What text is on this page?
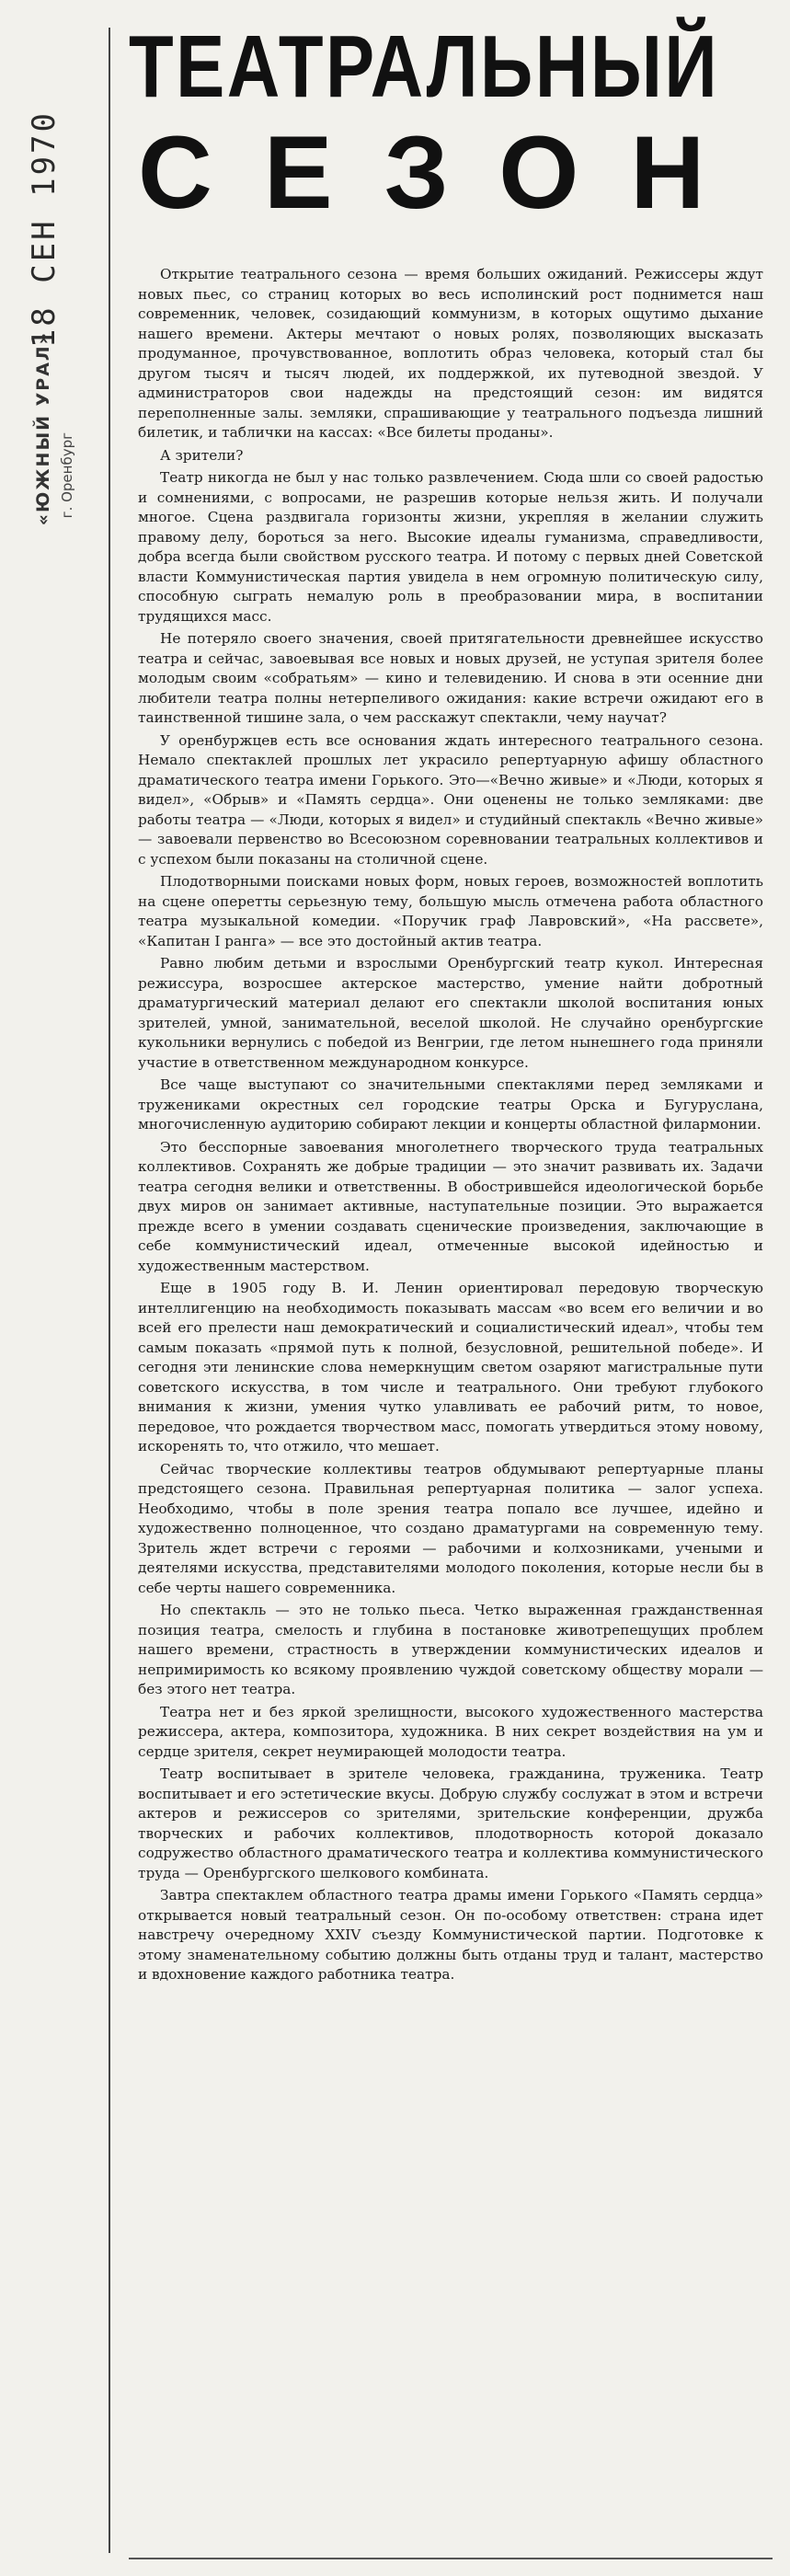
18 СЕН 1970
«ЮЖНЫЙ УРАЛ» г. Оренбург
ТЕАТРАЛЬНЫЙ
СЕЗОН

Открытие театрального сезона — время больших ожиданий. Режиссеры ждут новых пьес, со страниц которых во весь исполинский рост поднимется наш современник, человек, созидающий коммунизм, в которых ощутимо дыхание нашего времени. Актеры мечтают о новых ролях, позволяющих высказать продуманное, прочувствованное, воплотить образ человека, который стал бы другом тысяч и тысяч людей, их поддержкой, их путеводной звездой. У администраторов свои надежды на предстоящий сезон: им видятся переполненные залы. земляки, спрашивающие у театрального подъезда лишний билетик, и таблички на кассах: «Все билеты проданы».

А зрители?

Театр никогда не был у нас только развлечением. Сюда шли со своей радостью и сомнениями, с вопросами, не разрешив которые нельзя жить. И получали многое. Сцена раздвигала горизонты жизни, укрепляя в желании служить правому делу, бороться за него. Высокие идеалы гуманизма, справедливости, добра всегда были свойством русского театра. И потому с первых дней Советской власти Коммунистическая партия увидела в нем огромную политическую силу, способную сыграть немалую роль в преобразовании мира, в воспитании трудящихся масс.

Не потеряло своего значения, своей притягательности древнейшее искусство театра и сейчас, завоевывая все новых и новых друзей, не уступая зрителя более молодым своим «собратьям» — кино и телевидению. И снова в эти осенние дни любители театра полны нетерпеливого ожидания: какие встречи ожидают его в таинственной тишине зала, о чем расскажут спектакли, чему научат?

У оренбуржцев есть все основания ждать интересного театрального сезона. Немало спектаклей прошлых лет украсило репертуарную афишу областного драматического театра имени Горького. Это—«Вечно живые» и «Люди, которых я видел», «Обрыв» и «Память сердца». Они оценены не только земляками: две работы театра — «Люди, которых я видел» и студийный спектакль «Вечно живые» — завоевали первенство во Всесоюзном соревновании театральных коллективов и с успехом были показаны на столичной сцене.

Плодотворными поисками новых форм, новых героев, возможностей воплотить на сцене оперетты серьезную тему, большую мысль отмечена работа областного театра музыкальной комедии. «Поручик граф Лавровский», «На рассвете», «Капитан I ранга» — все это достойный актив театра.

Равно любим детьми и взрослыми Оренбургский театр кукол. Интересная режиссура, возросшее актерское мастерство, умение найти добротный драматургический материал делают его спектакли школой воспитания юных зрителей, умной, занимательной, веселой школой. Не случайно оренбургские кукольники вернулись с победой из Венгрии, где летом нынешнего года приняли участие в ответственном международном конкурсе.

Все чаще выступают со значительными спектаклями перед земляками и тружениками окрестных сел городские театры Орска и Бугуруслана, многочисленную аудиторию собирают лекции и концерты областной филармонии.

Это бесспорные завоевания многолетнего творческого труда театральных коллективов. Сохранять же добрые традиции — это значит развивать их. Задачи театра сегодня велики и ответственны. В обострившейся идеологической борьбе двух миров он занимает активные, наступательные позиции. Это выражается прежде всего в умении создавать сценические произведения, заключающие в себе коммунистический идеал, отмеченные высокой идейностью и художественным мастерством.

Еще в 1905 году В. И. Ленин ориентировал передовую творческую интеллигенцию на необходимость показывать массам «во всем его величии и во всей его прелести наш демократический и социалистический идеал», чтобы тем самым показать «прямой путь к полной, безусловной, решительной победе». И сегодня эти ленинские слова немеркнущим светом озаряют магистральные пути советского искусства, в том числе и театрального. Они требуют глубокого внимания к жизни, умения чутко улавливать ее рабочий ритм, то новое, передовое, что рождается творчеством масс, помогать утвердиться этому новому, искоренять то, что отжило, что мешает.

Сейчас творческие коллективы театров обдумывают репертуарные планы предстоящего сезона. Правильная репертуарная политика — залог успеха. Необходимо, чтобы в поле зрения театра попало все лучшее, идейно и художественно полноценное, что создано драматургами на современную тему. Зритель ждет встречи с героями — рабочими и колхозниками, учеными и деятелями искусства, представителями молодого поколения, которые несли бы в себе черты нашего современника.

Но спектакль — это не только пьеса. Четко выраженная гражданственная позиция театра, смелость и глубина в постановке животрепещущих проблем нашего времени, страстность в утверждении коммунистических идеалов и непримиримость ко всякому проявлению чуждой советскому обществу морали — без этого нет театра.

Театра нет и без яркой зрелищности, высокого художественного мастерства режиссера, актера, композитора, художника. В них секрет воздействия на ум и сердце зрителя, секрет неумирающей молодости театра.

Театр воспитывает в зрителе человека, гражданина, труженика. Театр воспитывает и его эстетические вкусы. Добрую службу сослужат в этом и встречи актеров и режиссеров со зрителями, зрительские конференции, дружба творческих и рабочих коллективов, плодотворность которой доказало содружество областного драматического театра и коллектива коммунистического труда — Оренбургского шелкового комбината.

Завтра спектаклем областного театра драмы имени Горького «Память сердца» открывается новый театральный сезон. Он по-особому ответствен: страна идет навстречу очередному XXIV съезду Коммунистической партии. Подготовке к этому знаменательному событию должны быть отданы труд и талант, мастерство и вдохновение каждого работника театра.
